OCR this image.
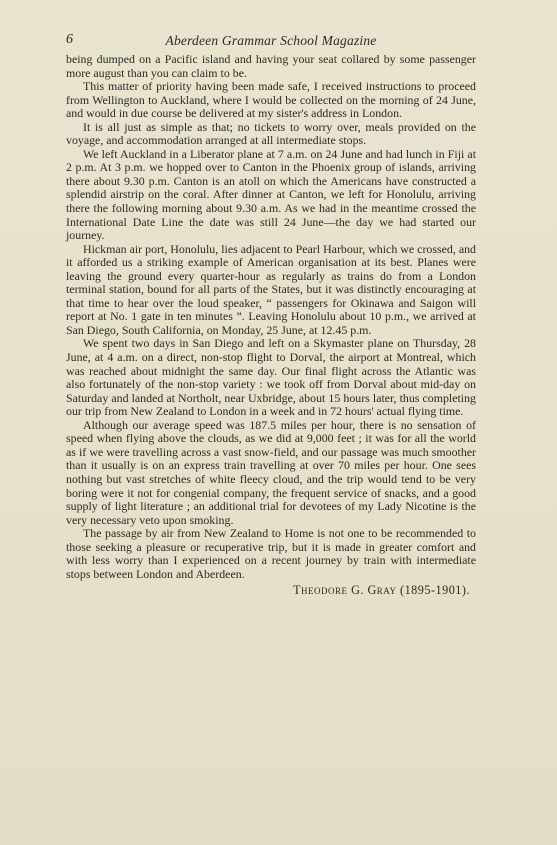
6	Aberdeen Grammar School Magazine

being dumped on a Pacific island and having your seat collared by some passenger more august than you can claim to be.

This matter of priority having been made safe, I received instructions to proceed from Wellington to Auckland, where I would be collected on the morning of 24 June, and would in due course be delivered at my sister's address in London.

It is all just as simple as that; no tickets to worry over, meals provided on the voyage, and accommodation arranged at all intermediate stops.

We left Auckland in a Liberator plane at 7 a.m. on 24 June and had lunch in Fiji at 2 p.m. At 3 p.m. we hopped over to Canton in the Phoenix group of islands, arriving there about 9.30 p.m. Canton is an atoll on which the Americans have constructed a splendid airstrip on the coral. After dinner at Canton, we left for Honolulu, arriving there the following morning about 9.30 a.m. As we had in the meantime crossed the International Date Line the date was still 24 June—the day we had started our journey.

Hickman air port, Honolulu, lies adjacent to Pearl Harbour, which we crossed, and it afforded us a striking example of American organisation at its best. Planes were leaving the ground every quarter-hour as regularly as trains do from a London terminal station, bound for all parts of the States, but it was distinctly encouraging at that time to hear over the loud speaker, “ passengers for Okinawa and Saigon will report at No. 1 gate in ten minutes ”. Leaving Honolulu about 10 p.m., we arrived at San Diego, South California, on Monday, 25 June, at 12.45 p.m.

We spent two days in San Diego and left on a Skymaster plane on Thursday, 28 June, at 4 a.m. on a direct, non-stop flight to Dorval, the airport at Montreal, which was reached about midnight the same day. Our final flight across the Atlantic was also fortunately of the non-stop variety : we took off from Dorval about mid-day on Saturday and landed at Northolt, near Uxbridge, about 15 hours later, thus completing our trip from New Zealand to London in a week and in 72 hours' actual flying time.

Although our average speed was 187.5 miles per hour, there is no sensation of speed when flying above the clouds, as we did at 9,000 feet ; it was for all the world as if we were travelling across a vast snow-field, and our passage was much smoother than it usually is on an express train travelling at over 70 miles per hour. One sees nothing but vast stretches of white fleecy cloud, and the trip would tend to be very boring were it not for congenial company, the frequent service of snacks, and a good supply of light literature ; an additional trial for devotees of my Lady Nicotine is the very necessary veto upon smoking.

The passage by air from New Zealand to Home is not one to be recommended to those seeking a pleasure or recuperative trip, but it is made in greater comfort and with less worry than I experienced on a recent journey by train with intermediate stops between London and Aberdeen.

Theodore G. Gray (1895-1901).
